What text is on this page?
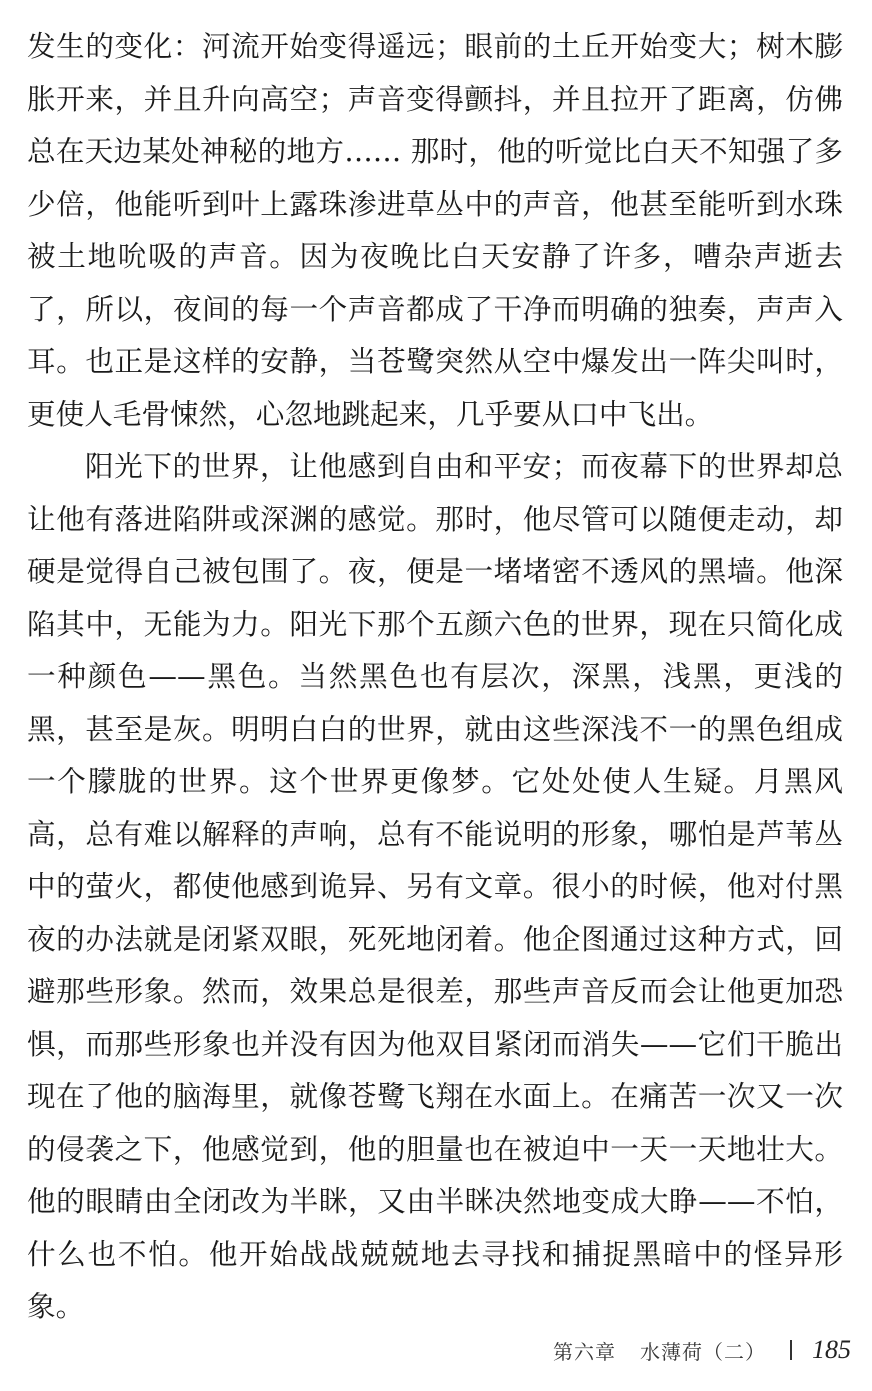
发生的变化：河流开始变得遥远；眼前的土丘开始变大；树木膨胀开来，并且升向高空；声音变得颤抖，并且拉开了距离，仿佛总在天边某处神秘的地方…… 那时，他的听觉比白天不知强了多少倍，他能听到叶上露珠渗进草丛中的声音，他甚至能听到水珠被土地吮吸的声音。因为夜晚比白天安静了许多，嘈杂声逝去了，所以，夜间的每一个声音都成了干净而明确的独奏，声声入耳。也正是这样的安静，当苍鹭突然从空中爆发出一阵尖叫时，更使人毛骨悚然，心忽地跳起来，几乎要从口中飞出。

阳光下的世界，让他感到自由和平安；而夜幕下的世界却总让他有落进陷阱或深渊的感觉。那时，他尽管可以随便走动，却硬是觉得自己被包围了。夜，便是一堵堵密不透风的黑墙。他深陷其中，无能为力。阳光下那个五颜六色的世界，现在只简化成一种颜色——黑色。当然黑色也有层次，深黑，浅黑，更浅的黑，甚至是灰。明明白白的世界，就由这些深浅不一的黑色组成一个朦胧的世界。这个世界更像梦。它处处使人生疑。月黑风高，总有难以解释的声响，总有不能说明的形象，哪怕是芦苇丛中的萤火，都使他感到诡异、另有文章。很小的时候，他对付黑夜的办法就是闭紧双眼，死死地闭着。他企图通过这种方式，回避那些形象。然而，效果总是很差，那些声音反而会让他更加恐惧，而那些形象也并没有因为他双目紧闭而消失——它们干脆出现在了他的脑海里，就像苍鹭飞翔在水面上。在痛苦一次又一次的侵袭之下，他感觉到，他的胆量也在被迫中一天一天地壮大。他的眼睛由全闭改为半眯，又由半眯决然地变成大睁——不怕，什么也不怕。他开始战战兢兢地去寻找和捕捉黑暗中的怪异形象。

第六章 水薄荷（二） 185
